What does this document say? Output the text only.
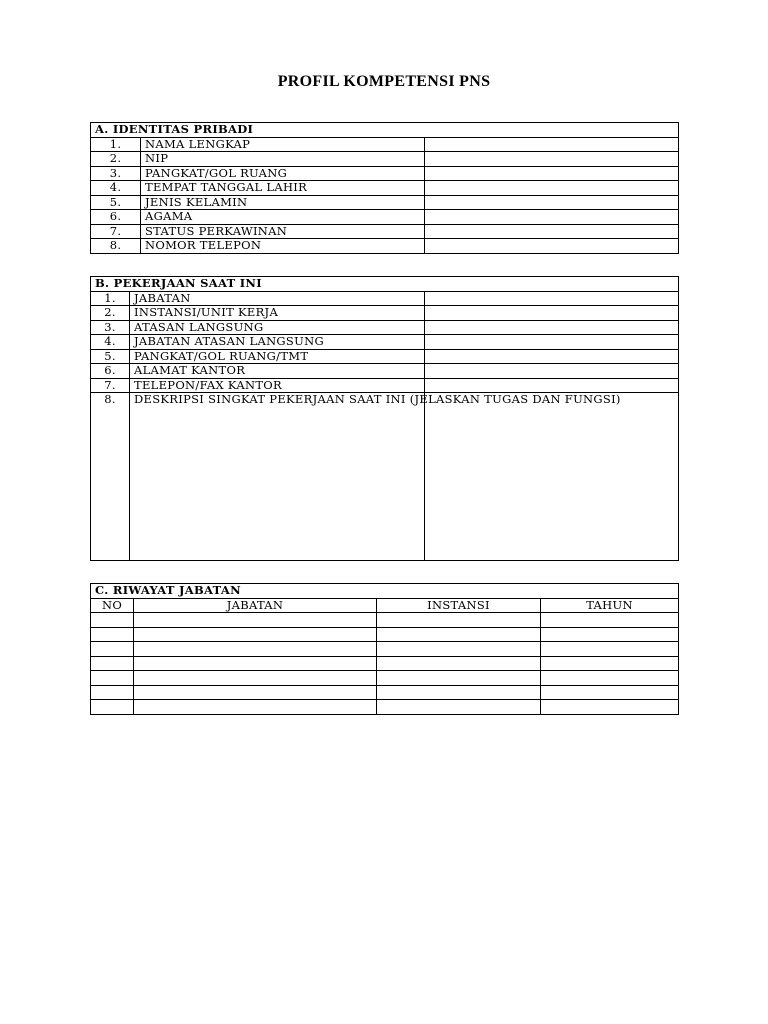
PROFIL KOMPETENSI PNS
A. IDENTITAS PRIBADI		
1.	NAMA LENGKAP	
2.	NIP	
3.	PANGKAT/GOL RUANG	
4.	TEMPAT TANGGAL LAHIR	
5.	JENIS KELAMIN	
6.	AGAMA	
7.	STATUS PERKAWINAN	
8.	NOMOR TELEPON	
B. PEKERJAAN SAAT INI		
1.	JABATAN	
2.	INSTANSI/UNIT KERJA	
3.	ATASAN LANGSUNG	
4.	JABATAN ATASAN LANGSUNG	
5.	PANGKAT/GOL RUANG/TMT	
6.	ALAMAT KANTOR	
7.	TELEPON/FAX KANTOR	
8.	DESKRIPSI SINGKAT PEKERJAAN SAAT INI (JELASKAN TUGAS DAN FUNGSI)	
C. RIWAYAT JABATAN			
NO	JABATAN	INSTANSI	TAHUN
